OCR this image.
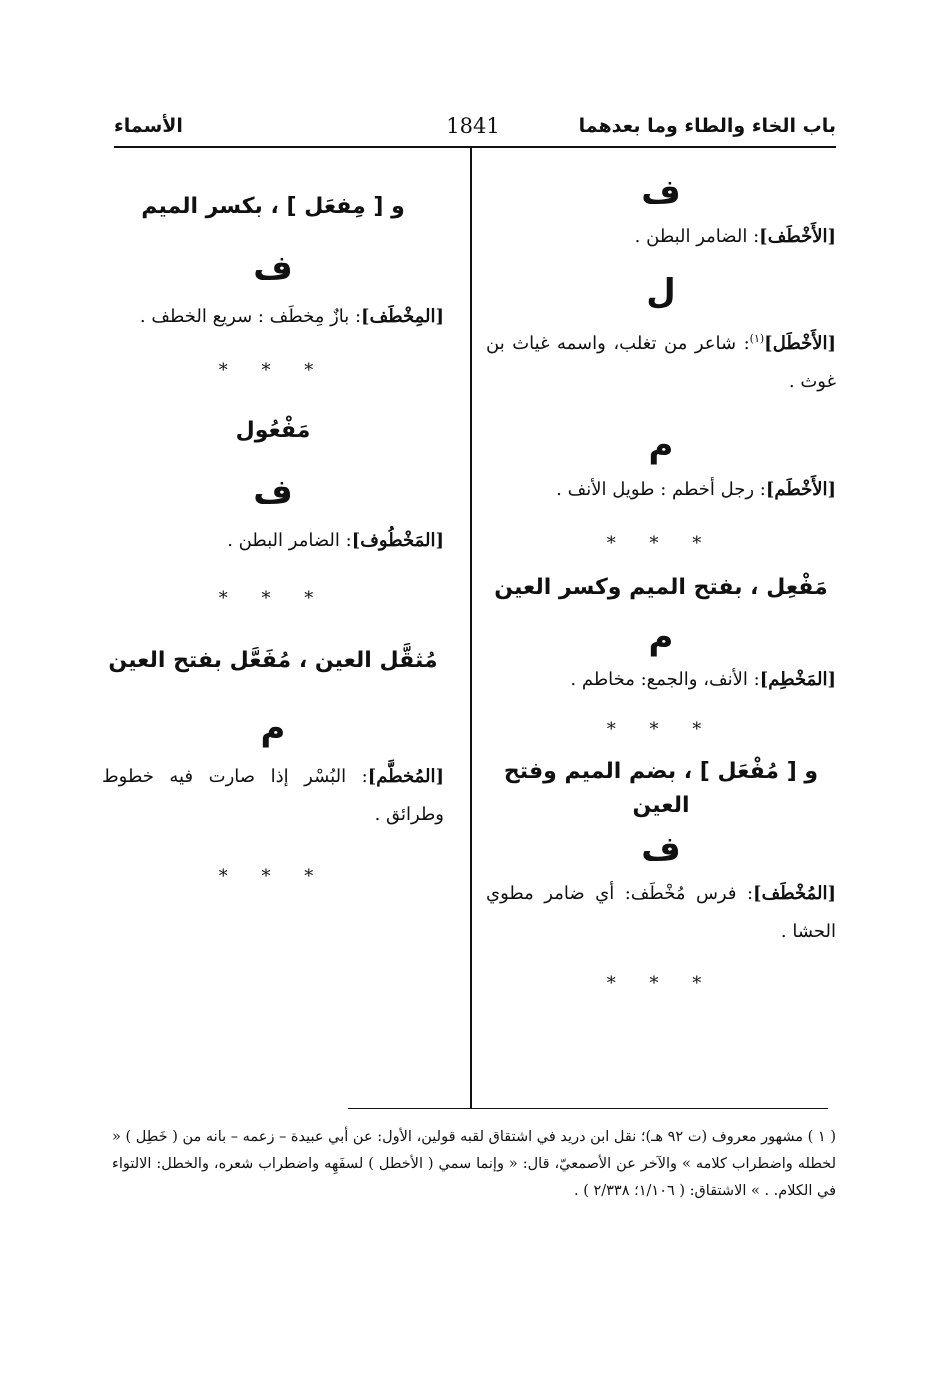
باب الخاء والطاء وما بعدهما
1841
الأسماء
ف
[الأَخْطَف]: الضامر البطن .
ل
[الأَخْطَل]$^{(١)}$: شاعر من تغلب، واسمه غياث بن غوث .
م
[الأَخْطَم]: رجل أخطم : طويل الأنف .
* * *
مَفْعِل ، بفتح الميم وكسر العين
م
[المَخْطِم]: الأنف، والجمع: مخاطم .
* * *
و [ مُفْعَل ] ، بضم الميم وفتح العين
ف
[المُخْطَف]: فرس مُخْطَف: أي ضامر مطوي الحشا .
* * *
و [ مِفعَل ] ، بكسر الميم
ف
[المِخْطَف]: بازٌ مِخطَف : سريع الخطف .
* * *
مَفْعُول
ف
[المَخْطُوف]: الضامر البطن .
* * *
مُثقَّل العين ، مُفَعَّل بفتح العين
م
[المُخطَّم]: البُسْر إذا صارت فيه خطوط وطرائق .
* * *
( ١ ) مشهور معروف (ت ٩٢ هـ)؛ نقل ابن دريد في اشتقاق لقبه قولين، الأول: عن أبي عبيدة – زعمه – بانه من ( خَطِل ) « لخطله واضطراب كلامه » والآخر عن الأصمعيّ، قال: « وإنما سمي ( الأخطل ) لسفَهِه واضطراب شعره، والخطل: الالتواء في الكلام. . » الاشتقاق: ( ١/١٠٦؛ ٢/٣٣٨ ) .
